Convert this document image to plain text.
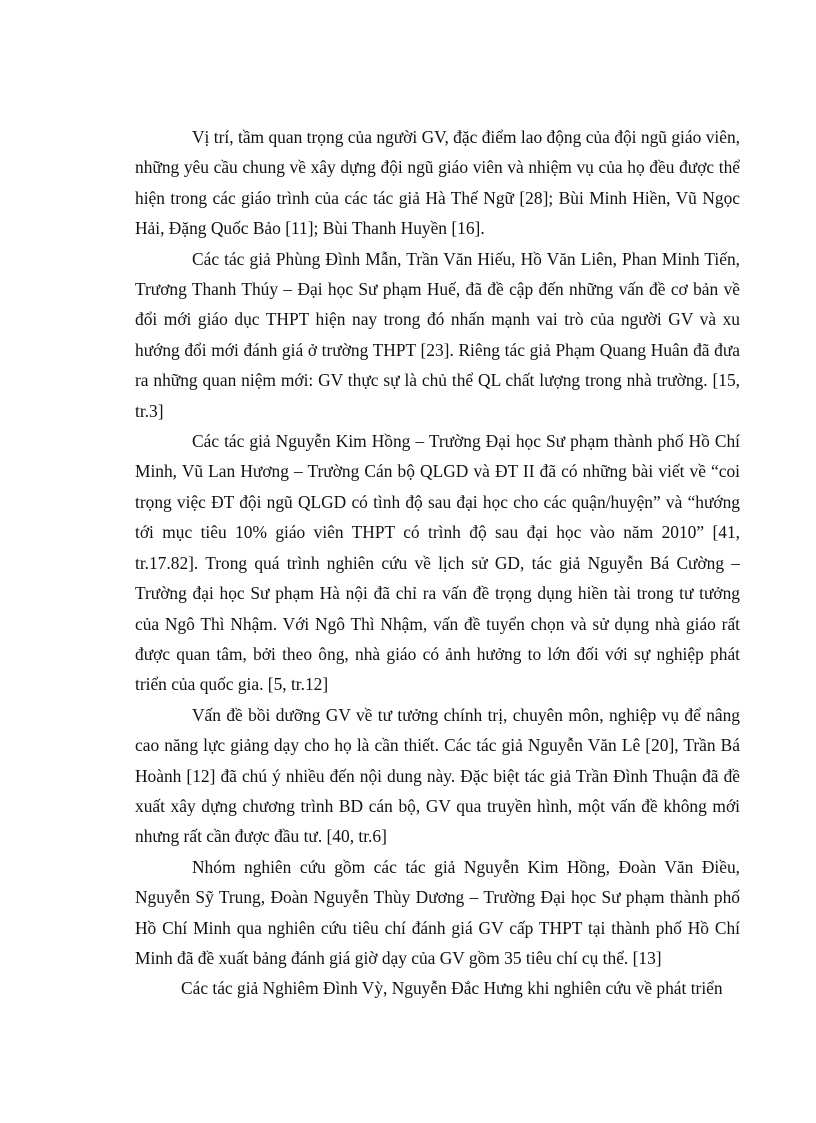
Vị trí, tầm quan trọng của người GV, đặc điểm lao động của đội ngũ giáo viên, những yêu cầu chung về xây dựng đội ngũ giáo viên và nhiệm vụ của họ đều được thể hiện trong các giáo trình của các tác giả Hà Thế Ngữ [28]; Bùi Minh Hiền, Vũ Ngọc Hải, Đặng Quốc Bảo [11]; Bùi Thanh Huyền [16].

Các tác giả Phùng Đình Mẫn, Trần Văn Hiếu, Hồ Văn Liên, Phan Minh Tiến, Trương Thanh Thúy – Đại học Sư phạm Huế, đã đề cập đến những vấn đề cơ bản về đổi mới giáo dục THPT hiện nay trong đó nhấn mạnh vai trò của người GV và xu hướng đổi mới đánh giá ở trường THPT [23]. Riêng tác giả Phạm Quang Huân đã đưa ra những quan niệm mới: GV thực sự là chủ thể QL chất lượng trong nhà trường. [15, tr.3]

Các tác giả Nguyễn Kim Hồng – Trường Đại học Sư phạm thành phố Hồ Chí Minh, Vũ Lan Hương – Trường Cán bộ QLGD và ĐT II đã có những bài viết về “coi trọng việc ĐT đội ngũ QLGD có tình độ sau đại học cho các quận/huyện” và “hướng tới mục tiêu 10% giáo viên THPT có trình độ sau đại học vào năm 2010” [41, tr.17.82]. Trong quá trình nghiên cứu về lịch sử GD, tác giả Nguyễn Bá Cường – Trường đại học Sư phạm Hà nội đã chỉ ra vấn đề trọng dụng hiền tài trong tư tưởng của Ngô Thì Nhậm. Với Ngô Thì Nhậm, vấn đề tuyển chọn và sử dụng nhà giáo rất được quan tâm, bởi theo ông, nhà giáo có ảnh hưởng to lớn đối với sự nghiệp phát triển của quốc gia. [5, tr.12]

Vấn đề bồi dưỡng GV về tư tưởng chính trị, chuyên môn, nghiệp vụ để nâng cao năng lực giảng dạy cho họ là cần thiết. Các tác giả Nguyễn Văn Lê [20], Trần Bá Hoành [12] đã chú ý nhiều đến nội dung này. Đặc biệt tác giả Trần Đình Thuận đã đề xuất xây dựng chương trình BD cán bộ, GV qua truyền hình, một vấn đề không mới nhưng rất cần được đầu tư. [40, tr.6]

Nhóm nghiên cứu gồm các tác giả Nguyễn Kim Hồng, Đoàn Văn Điều, Nguyễn Sỹ Trung, Đoàn Nguyễn Thùy Dương – Trường Đại học Sư phạm thành phố Hồ Chí Minh qua nghiên cứu tiêu chí đánh giá GV cấp THPT tại thành phố Hồ Chí Minh đã đề xuất bảng đánh giá giờ dạy của GV gồm 35 tiêu chí cụ thể. [13]

Các tác giả Nghiêm Đình Vỳ, Nguyễn Đắc Hưng khi nghiên cứu về phát triển
